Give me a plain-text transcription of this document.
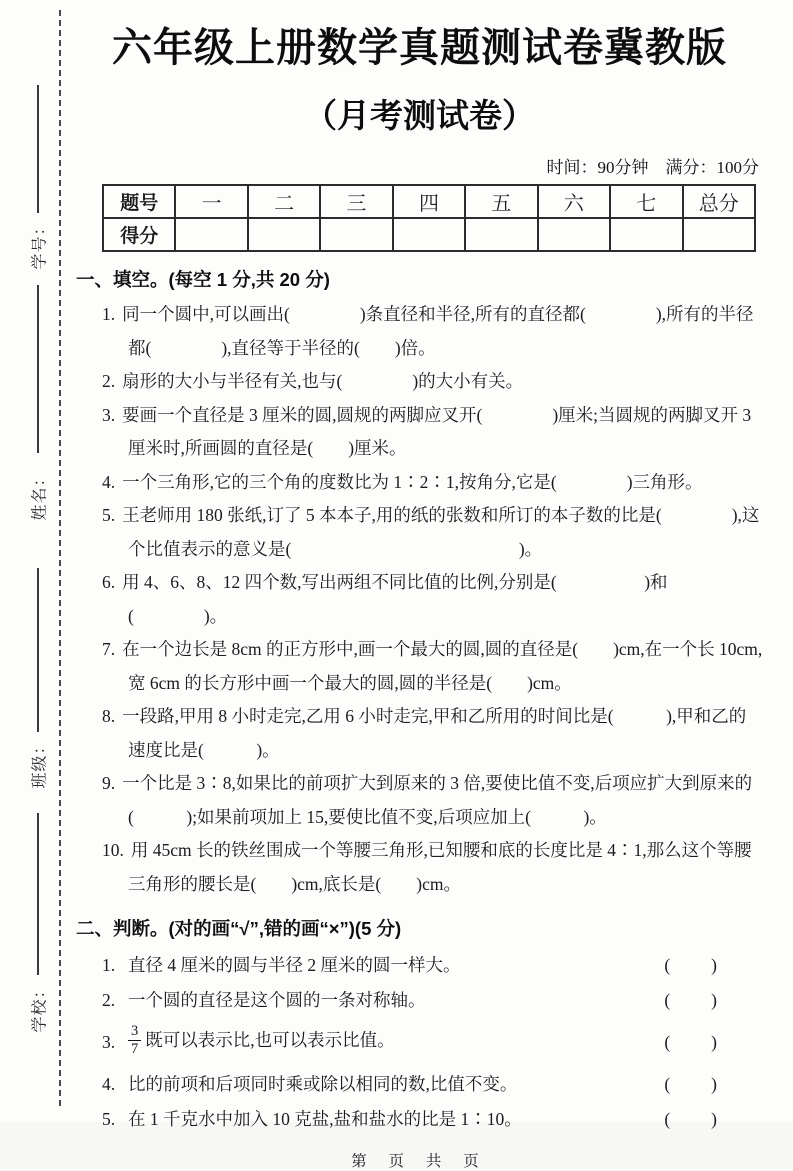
学号：
姓名：
班级：
学校：
六年级上册数学真题测试卷冀教版
（月考测试卷）
时间：90分钟　满分：100分
题号	一	二	三	四	五	六	七	总分
得分								
一、填空。(每空 1 分,共 20 分)
1. 同一个圆中,可以画出(　　　　)条直径和半径,所有的直径都(　　　　),所有的半径都(　　　　),直径等于半径的(　　)倍。
2. 扇形的大小与半径有关,也与(　　　　)的大小有关。
3. 要画一个直径是 3 厘米的圆,圆规的两脚应叉开(　　　　)厘米;当圆规的两脚叉开 3 厘米时,所画圆的直径是(　　)厘米。
4. 一个三角形,它的三个角的度数比为 1∶2∶1,按角分,它是(　　　　)三角形。
5. 王老师用 180 张纸,订了 5 本本子,用的纸的张数和所订的本子数的比是(　　　　),这个比值表示的意义是(　　　　　　　　　　　　　)。
6. 用 4、6、8、12 四个数,写出两组不同比值的比例,分别是(　　　　　)和(　　　　)。
7. 在一个边长是 8cm 的正方形中,画一个最大的圆,圆的直径是(　　)cm,在一个长 10cm,宽 6cm 的长方形中画一个最大的圆,圆的半径是(　　)cm。
8. 一段路,甲用 8 小时走完,乙用 6 小时走完,甲和乙所用的时间比是(　　　),甲和乙的速度比是(　　　)。
9. 一个比是 3∶8,如果比的前项扩大到原来的 3 倍,要使比值不变,后项应扩大到原来的(　　　);如果前项加上 15,要使比值不变,后项应加上(　　　)。
10. 用 45cm 长的铁丝围成一个等腰三角形,已知腰和底的长度比是 4∶1,那么这个等腰三角形的腰长是(　　)cm,底长是(　　)cm。
二、判断。(对的画“√”,错的画“×”)(5 分)
1. 直径 4 厘米的圆与半径 2 厘米的圆一样大。	(　　)
2. 一个圆的直径是这个圆的一条对称轴。	(　　)
3. $\frac{3}{7}$ 既可以表示比,也可以表示比值。	(　　)
4. 比的前项和后项同时乘或除以相同的数,比值不变。	(　　)
5. 在 1 千克水中加入 10 克盐,盐和盐水的比是 1∶10。	(　　)
第 页 共 页
